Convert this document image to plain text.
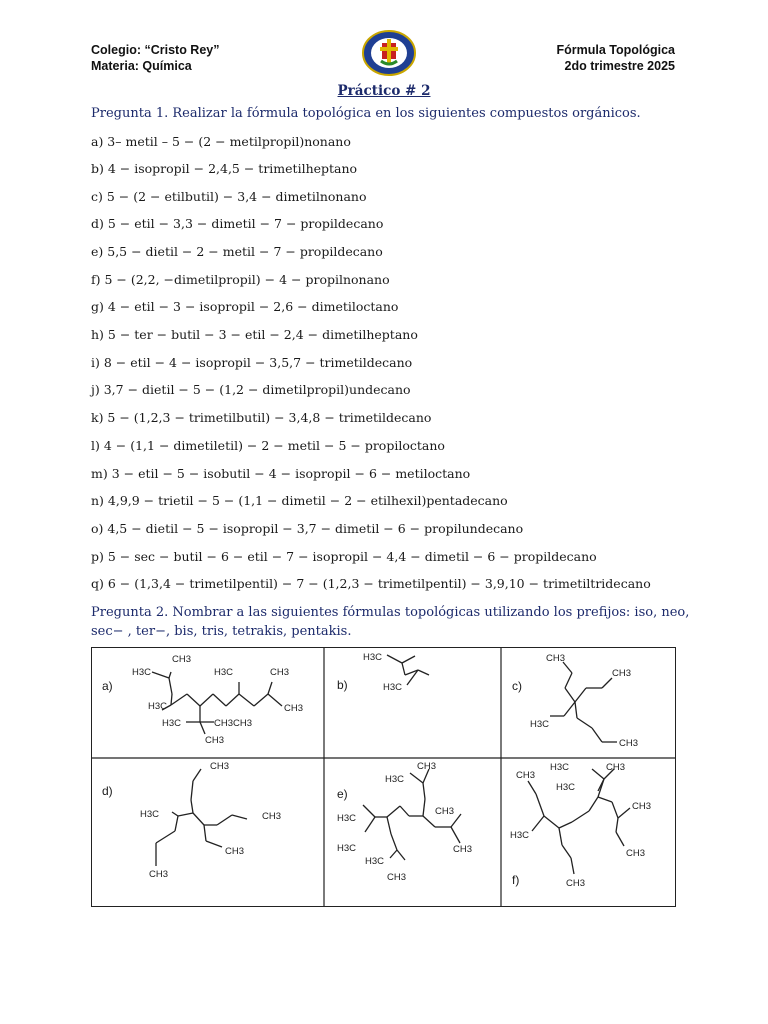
Colegio: “Cristo Rey”
Materia: Química
Fórmula Topológica
2do trimestre 2025
Práctico # 2
Pregunta 1. Realizar la fórmula topológica en los siguientes compuestos orgánicos.
a) 3– metil – 5 − (2 − metilpropil)nonano
b) 4 − isopropil − 2,4,5 − trimetilheptano
c) 5 − (2 − etilbutil) − 3,4 − dimetilnonano
d) 5 − etil − 3,3 − dimetil − 7 − propildecano
e) 5,5 − dietil − 2 − metil − 7 − propildecano
f) 5 − (2,2, −dimetilpropil) − 4 − propilnonano
g) 4 − etil − 3 − isopropil − 2,6 − dimetiloctano
h) 5 − ter − butil − 3 − etil − 2,4 − dimetilheptano
i) 8 − etil − 4 − isopropil − 3,5,7 − trimetildecano
j) 3,7 − dietil − 5 − (1,2 − dimetilpropil)undecano
k) 5 − (1,2,3 − trimetilbutil) − 3,4,8 − trimetildecano
l) 4 − (1,1 − dimetiletil) − 2 − metil − 5 − propiloctano
m) 3 − etil − 5 − isobutil − 4 − isopropil − 6 − metiloctano
n) 4,9,9 − trietil − 5 − (1,1 − dimetil − 2 − etilhexil)pentadecano
o) 4,5 − dietil − 5 − isopropil − 3,7 − dimetil − 6 − propilundecano
p) 5 − sec − butil − 6 − etil − 7 − isopropil − 4,4 − dimetil − 6 − propildecano
q) 6 − (1,3,4 − trimetilpentil) − 7 − (1,2,3 − trimetilpentil) − 3,9,10 − trimetiltridecano
Pregunta 2. Nombrar a las siguientes fórmulas topológicas utilizando los prefijos: iso, neo, sec− , ter−, bis, tris, tetrakis, pentakis.
a)
CH3
H3C	H3C	CH3
H3C	CH3
H3C	CH3CH3
CH3
b)
H3C
H3C	c)
CH3
CH3
H3C
CH3
d)
CH3
H3C	CH3
CH3
CH3
e)
CH3
H3C
CH3
H3C
H3C	CH3
H3C
CH3	f)
CH3
H3C	CH3
H3C
CH3
H3C
CH3
CH3
